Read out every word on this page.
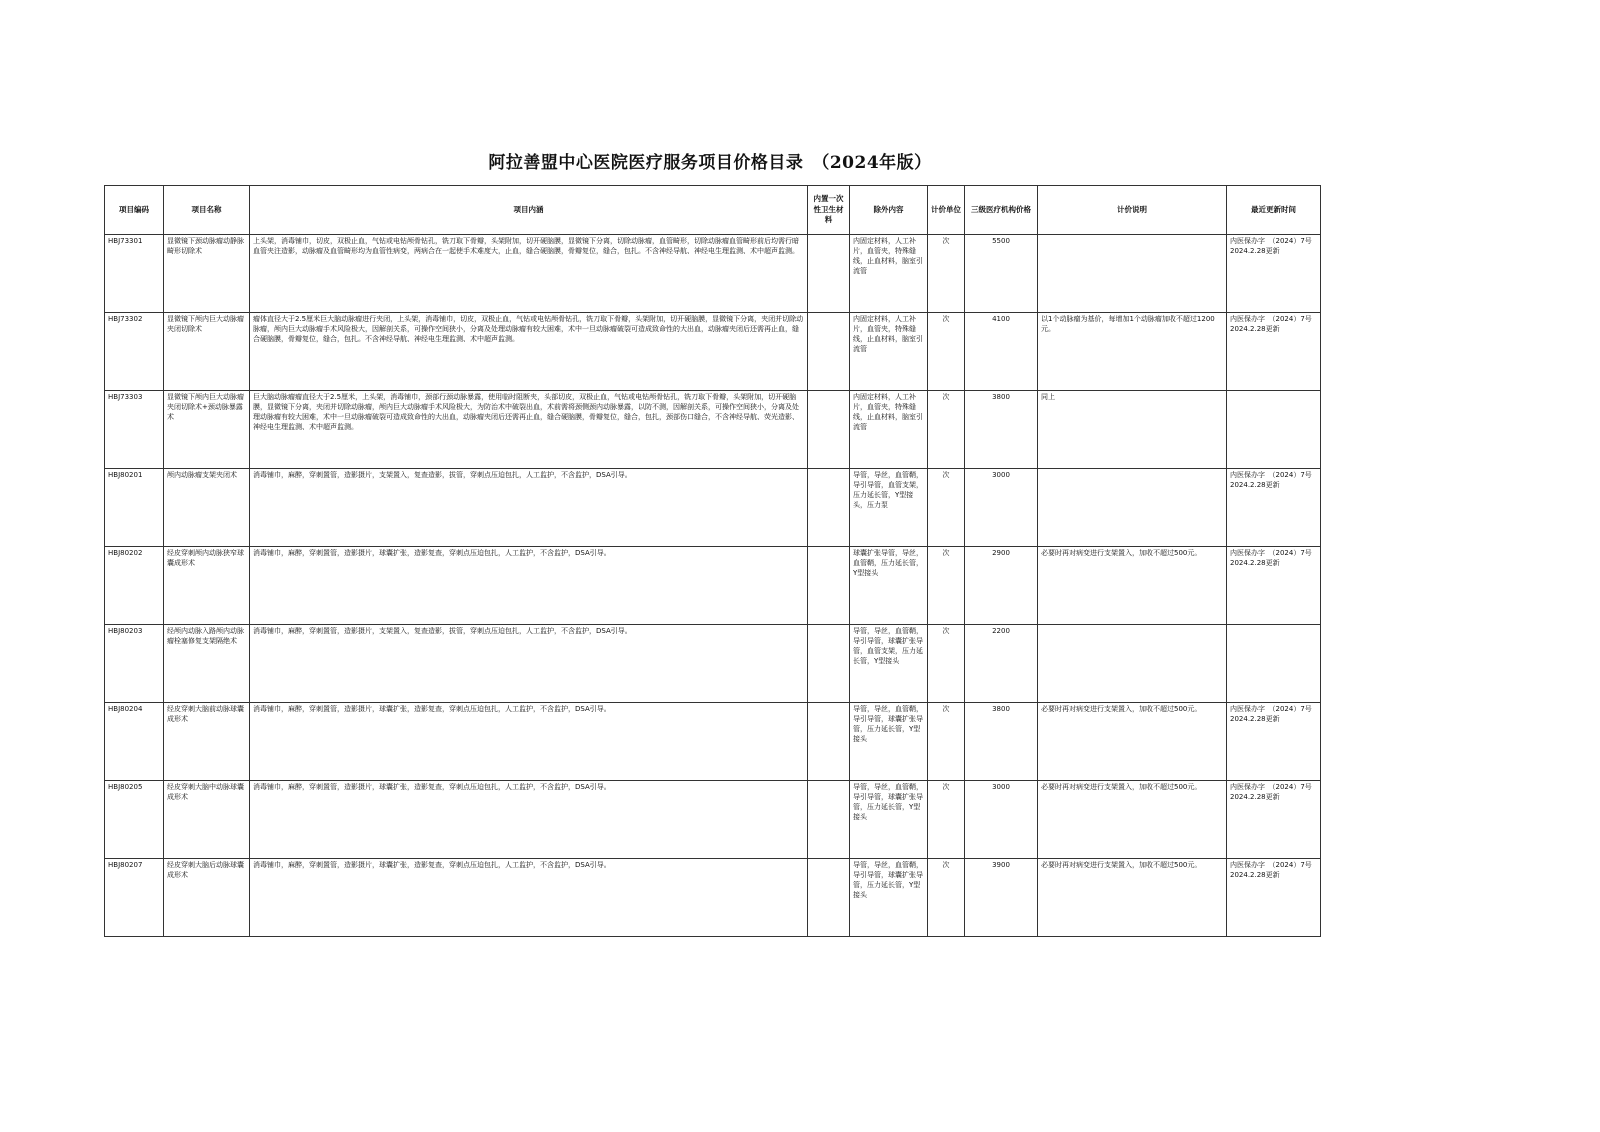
阿拉善盟中心医院医疗服务项目价格目录　（2024年版）
项目编码	项目名称	项目内涵	内置一次性卫生材料	除外内容	计价单位	三级医疗机构价格	计价说明	最近更新时间
HBJ73301	显微镜下颈动脉瘤动静脉畸形切除术	上头架，消毒铺巾，切皮，双极止血，气钻或电钻颅骨钻孔，铣刀取下骨瓣，头架附加，切开硬脑膜，显微镜下分离，切除动脉瘤，血管畸形，切除动脉瘤血管畸形前后均需行暗血管夹注造影，动脉瘤及血管畸形均为血管性病变，两病合在一起使手术难度大，止血，缝合硬脑膜，骨瓣复位，缝合，包扎。不含神经导航、神经电生理监测、术中超声监测。		内固定材料，人工补片，血管夹，特殊缝线，止血材料，脑室引流管	次	5500		内医保办字　（2024）7号　2024.2.28更新
HBJ73302	显微镜下颅内巨大动脉瘤夹闭切除术	瘤体直径大于2.5厘米巨大脑动脉瘤进行夹闭，上头架，消毒铺巾，切皮，双极止血，气钻或电钻颅骨钻孔，铣刀取下骨瓣，头架附加，切开硬脑膜，显微镜下分离，夹闭并切除动脉瘤，颅内巨大动脉瘤手术风险极大，因解剖关系，可操作空间狭小，分离及处理动脉瘤有较大困难，术中一旦动脉瘤破裂可造成致命性的大出血，动脉瘤夹闭后还需再止血，缝合硬脑膜，骨瓣复位，缝合，包扎。不含神经导航、神经电生理监测、术中超声监测。		内固定材料，人工补片，血管夹，特殊缝线，止血材料，脑室引流管	次	4100	以1个动脉瘤为基价，每增加1个动脉瘤加收不超过1200元。	内医保办字　（2024）7号　2024.2.28更新
HBJ73303	显微镜下颅内巨大动脉瘤夹闭切除术+颈动脉暴露术	巨大脑动脉瘤瘤直径大于2.5厘米，上头架，消毒铺巾，颈部行颈动脉暴露，使用临时阻断夹，头部切皮，双极止血，气钻或电钻颅骨钻孔，铣刀取下骨瓣，头架附加，切开硬脑膜，显微镜下分离，夹闭并切除动脉瘤，颅内巨大动脉瘤手术风险极大，为防治术中破裂出血，术前需将颈侧颈内动脉暴露，以防不测，因解剖关系，可操作空间狭小，分离及处理动脉瘤有较大困难，术中一旦动脉瘤破裂可造成致命性的大出血，动脉瘤夹闭后还需再止血，缝合硬脑膜，骨瓣复位，缝合，包扎，颈部伤口缝合，不含神经导航、荧光造影、神经电生理监测、术中超声监测。		内固定材料，人工补片，血管夹，特殊缝线，止血材料，脑室引流管	次	3800	同上	
HBJ80201	颅内动脉瘤支架夹闭术	消毒铺巾，麻醉，穿刺置管，造影摄片，支架置入，复查造影，拔管，穿刺点压迫包扎，人工监护，不含监护，DSA引导。		导管，导丝，血管鞘，导引导管，血管支架，压力延长管，Y型接头，压力泵	次	3000		内医保办字　（2024）7号　2024.2.28更新
HBJ80202	经皮穿刺颅内动脉狭窄球囊成形术	消毒铺巾，麻醉，穿刺置管，造影摄片，球囊扩张，造影复查，穿刺点压迫包扎，人工监护，不含监护，DSA引导。		球囊扩张导管，导丝，血管鞘，压力延长管，Y型接头	次	2900	必要时再对病变进行支架置入，加收不超过500元。	内医保办字　（2024）7号　2024.2.28更新
HBJ80203	经颅内动脉入路颅内动脉瘤栓塞修复支架隔绝术	消毒铺巾，麻醉，穿刺置管，造影摄片，支架置入，复查造影，拔管，穿刺点压迫包扎，人工监护，不含监护，DSA引导。		导管，导丝，血管鞘，导引导管，球囊扩张导管，血管支架，压力延长管，Y型接头	次	2200		
HBJ80204	经皮穿刺大脑前动脉球囊成形术	消毒铺巾，麻醉，穿刺置管，造影摄片，球囊扩张，造影复查，穿刺点压迫包扎，人工监护，不含监护，DSA引导。		导管，导丝，血管鞘，导引导管，球囊扩张导管，压力延长管，Y型接头	次	3800	必要时再对病变进行支架置入，加收不超过500元。	内医保办字　（2024）7号　2024.2.28更新
HBJ80205	经皮穿刺大脑中动脉球囊成形术	消毒铺巾，麻醉，穿刺置管，造影摄片，球囊扩张，造影复查，穿刺点压迫包扎，人工监护，不含监护，DSA引导。		导管，导丝，血管鞘，导引导管，球囊扩张导管，压力延长管，Y型接头	次	3000	必要时再对病变进行支架置入，加收不超过500元。	内医保办字　（2024）7号　2024.2.28更新
HBJ80207	经皮穿刺大脑后动脉球囊成形术	消毒铺巾，麻醉，穿刺置管，造影摄片，球囊扩张，造影复查，穿刺点压迫包扎，人工监护，不含监护，DSA引导。		导管，导丝，血管鞘，导引导管，球囊扩张导管，压力延长管，Y型接头	次	3900	必要时再对病变进行支架置入，加收不超过500元。	内医保办字　（2024）7号　2024.2.28更新
